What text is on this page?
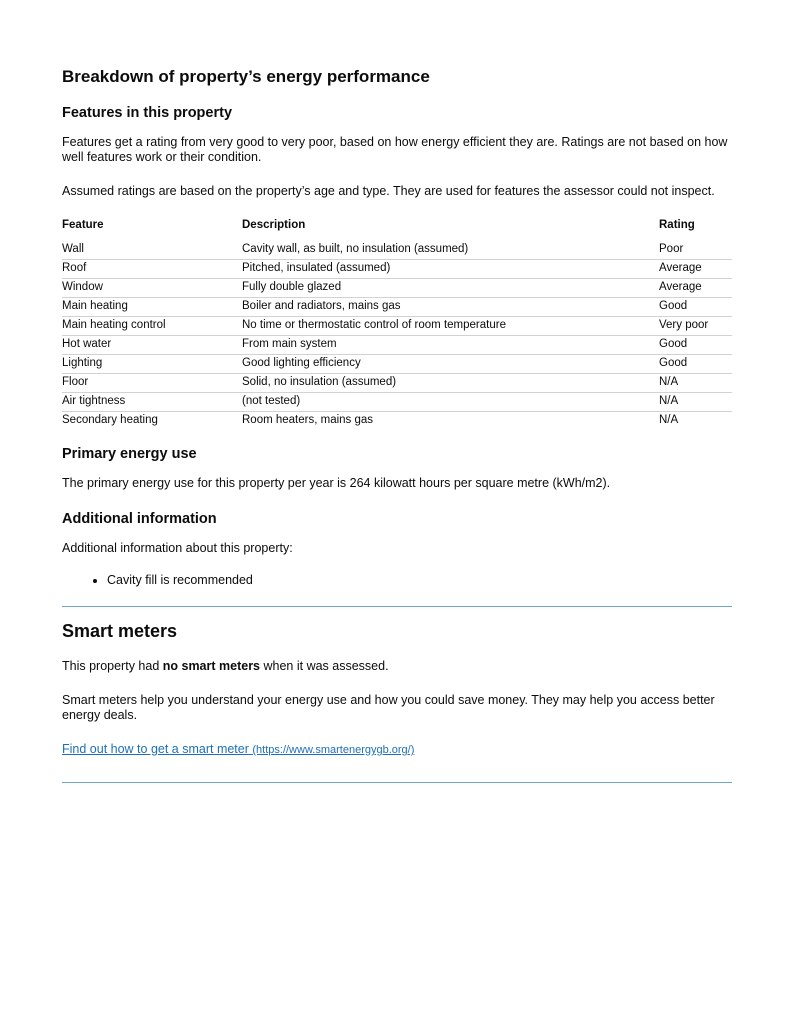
Breakdown of property’s energy performance
Features in this property

Features get a rating from very good to very poor, based on how energy efficient they are. Ratings are not based on how well features work or their condition.

Assumed ratings are based on the property’s age and type. They are used for features the assessor could not inspect.

Feature	Description	Rating
Wall	Cavity wall, as built, no insulation (assumed)	Poor
Roof	Pitched, insulated (assumed)	Average
Window	Fully double glazed	Average
Main heating	Boiler and radiators, mains gas	Good
Main heating control	No time or thermostatic control of room temperature	Very poor
Hot water	From main system	Good
Lighting	Good lighting efficiency	Good
Floor	Solid, no insulation (assumed)	N/A
Air tightness	(not tested)	N/A
Secondary heating	Room heaters, mains gas	N/A
Primary energy use

The primary energy use for this property per year is 264 kilowatt hours per square metre (kWh/m2).

Additional information

Additional information about this property:

• Cavity fill is recommended
Smart meters

This property had no smart meters when it was assessed.

Smart meters help you understand your energy use and how you could save money. They may help you access better energy deals.

Find out how to get a smart meter (https://www.smartenergygb.org/)
